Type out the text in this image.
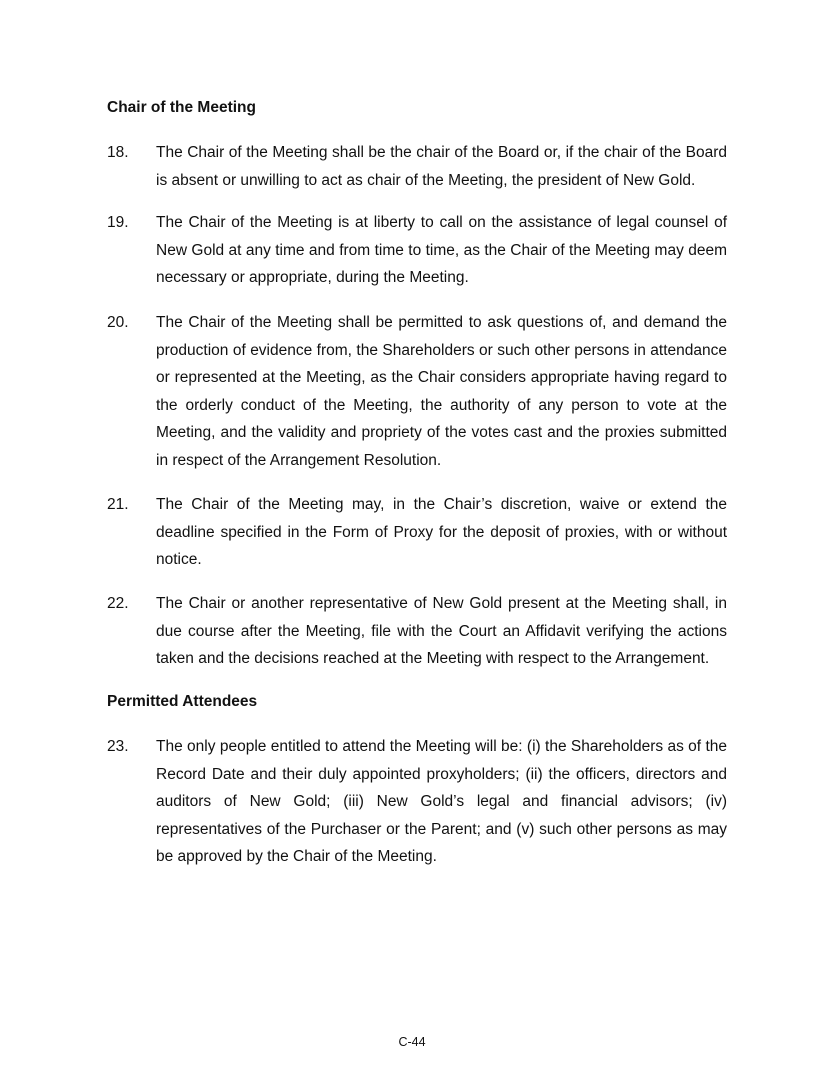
Chair of the Meeting
18. The Chair of the Meeting shall be the chair of the Board or, if the chair of the Board is absent or unwilling to act as chair of the Meeting, the president of New Gold.
19. The Chair of the Meeting is at liberty to call on the assistance of legal counsel of New Gold at any time and from time to time, as the Chair of the Meeting may deem necessary or appropriate, during the Meeting.
20. The Chair of the Meeting shall be permitted to ask questions of, and demand the production of evidence from, the Shareholders or such other persons in attendance or represented at the Meeting, as the Chair considers appropriate having regard to the orderly conduct of the Meeting, the authority of any person to vote at the Meeting, and the validity and propriety of the votes cast and the proxies submitted in respect of the Arrangement Resolution.
21. The Chair of the Meeting may, in the Chair’s discretion, waive or extend the deadline specified in the Form of Proxy for the deposit of proxies, with or without notice.
22. The Chair or another representative of New Gold present at the Meeting shall, in due course after the Meeting, file with the Court an Affidavit verifying the actions taken and the decisions reached at the Meeting with respect to the Arrangement.
Permitted Attendees
23. The only people entitled to attend the Meeting will be: (i) the Shareholders as of the Record Date and their duly appointed proxyholders; (ii) the officers, directors and auditors of New Gold; (iii) New Gold’s legal and financial advisors; (iv) representatives of the Purchaser or the Parent; and (v) such other persons as may be approved by the Chair of the Meeting.
C-44
